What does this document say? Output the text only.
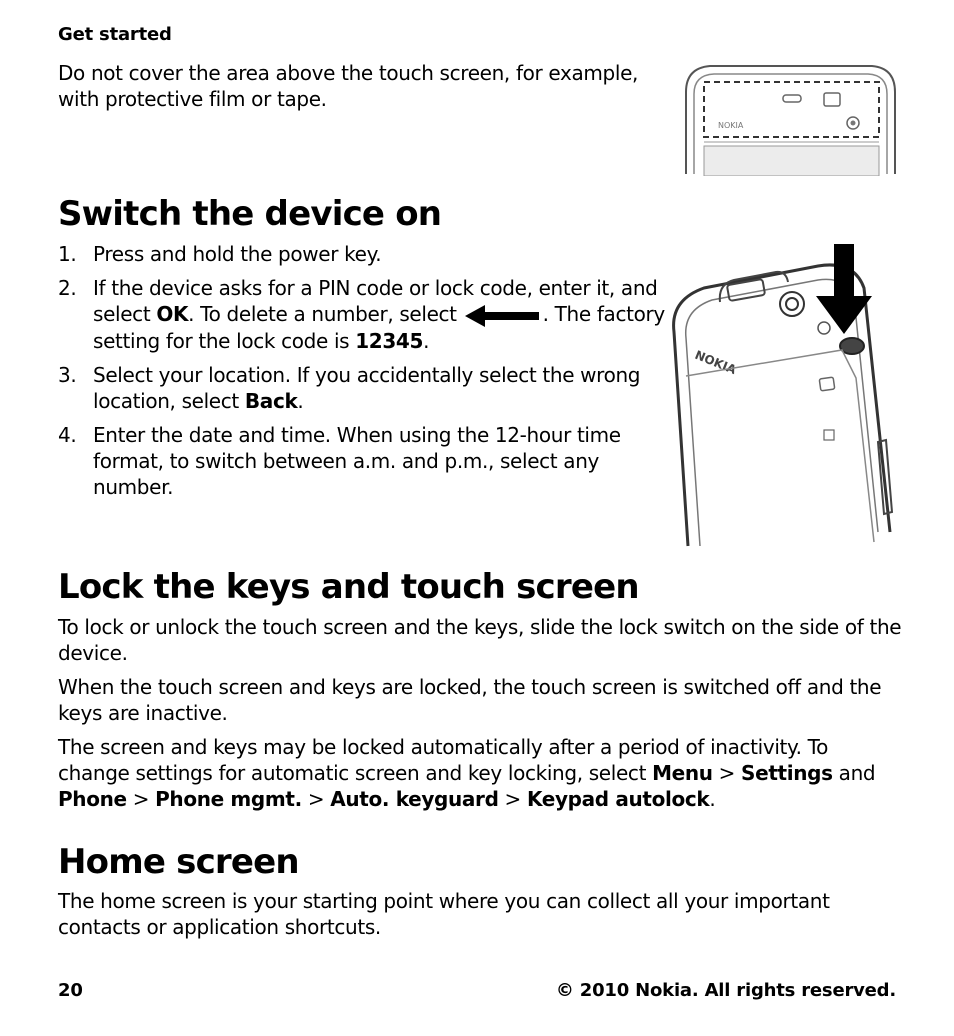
Get started
Do not cover the area above the touch screen, for example, with protective film or tape.
NOKIA
Switch the device on
1. Press and hold the power key.
2. If the device asks for a PIN code or lock code, enter it, and select OK. To delete a number, select	. The factory setting for the lock code is 12345.
3. Select your location. If you accidentally select the wrong location, select Back.
4. Enter the date and time. When using the 12-hour time format, to switch between a.m. and p.m., select any number.
NOKIA
Lock the keys and touch screen

To lock or unlock the touch screen and the keys, slide the lock switch on the side of the device.

When the touch screen and keys are locked, the touch screen is switched off and the keys are inactive.

The screen and keys may be locked automatically after a period of inactivity. To change settings for automatic screen and key locking, select Menu > Settings and Phone > Phone mgmt. > Auto. keyguard > Keypad autolock.

Home screen
The home screen is your starting point where you can collect all your important contacts or application shortcuts.
20	© 2010 Nokia. All rights reserved.
